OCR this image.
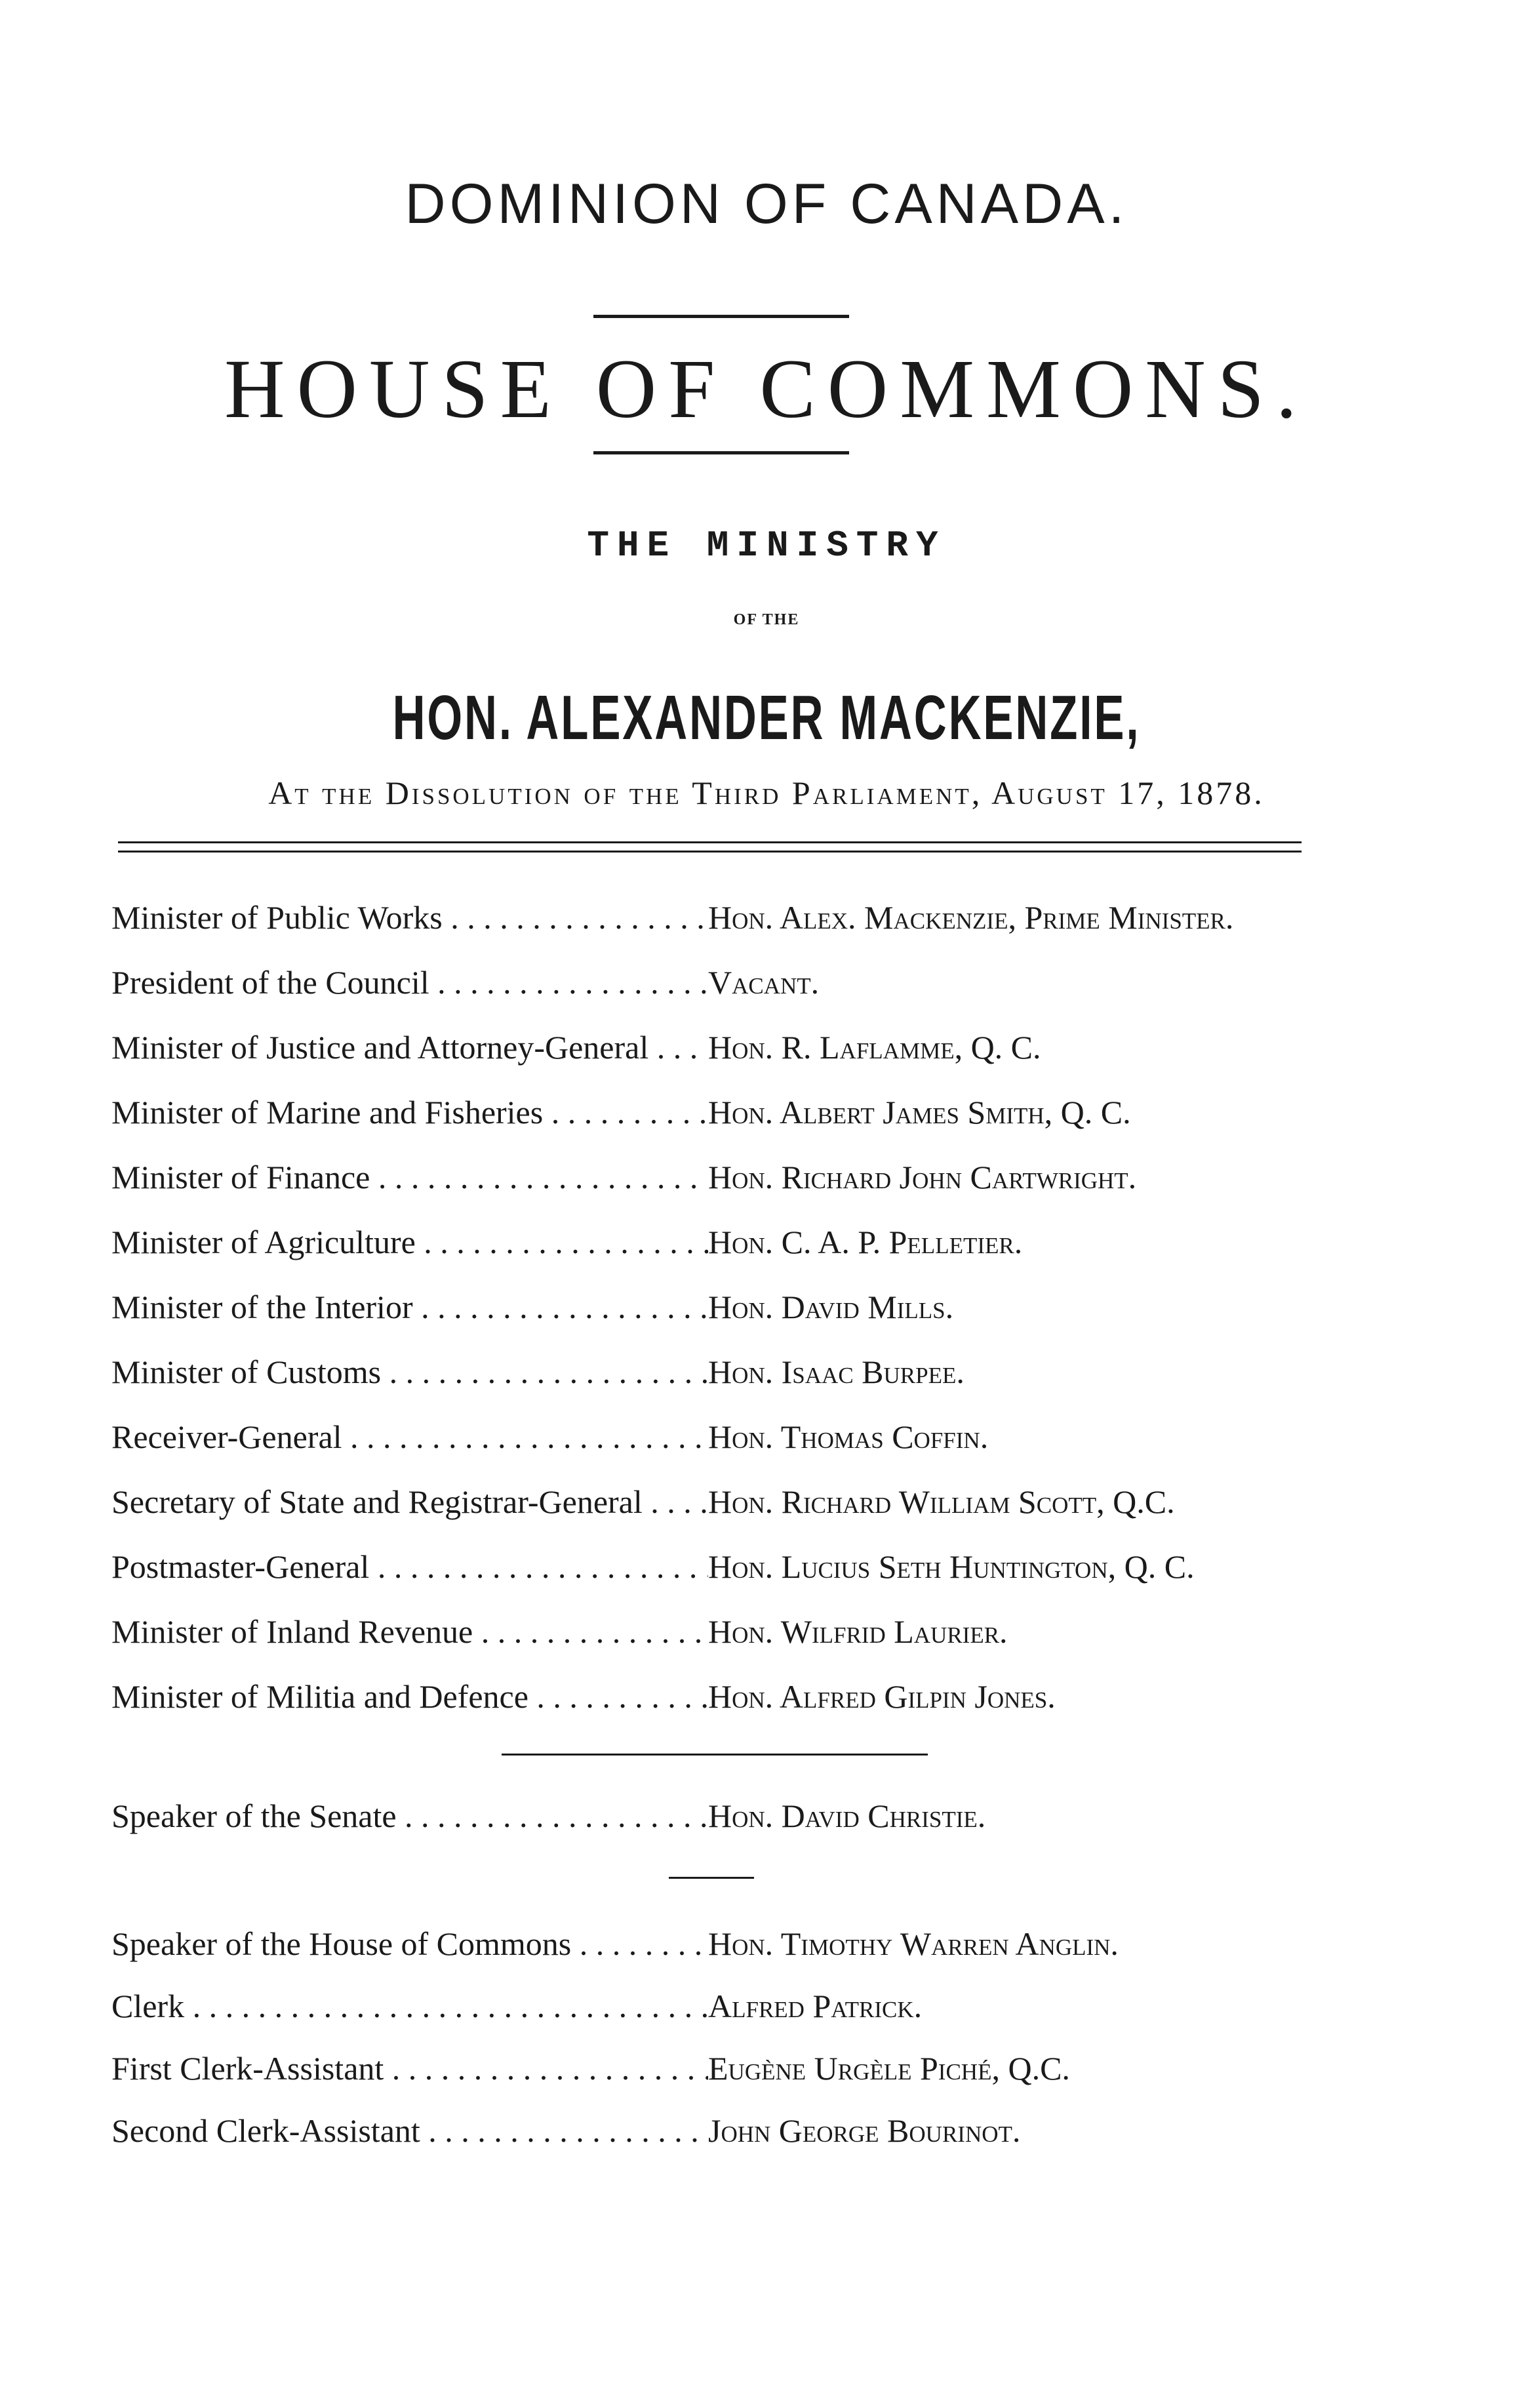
DOMINION OF CANADA.
HOUSE OF COMMONS.
THE MINISTRY
OF THE
HON. ALEXANDER MACKENZIE,
At the Dissolution of the Third Parliament, August 17, 1878.
Minister of Public Works . . .	Hon. Alex. Mackenzie, Prime Minister.
President of the Council . . .	Vacant.
Minister of Justice and Attorney-General . . .	Hon. R. Laflamme, Q. C.
Minister of Marine and Fisheries . . .	Hon. Albert James Smith, Q. C.
Minister of Finance . . .	Hon. Richard John Cartwright.
Minister of Agriculture . . .	Hon. C. A. P. Pelletier.
Minister of the Interior . . .	Hon. David Mills.
Minister of Customs . . .	Hon. Isaac Burpee.
Receiver-General . . .	Hon. Thomas Coffin.
Secretary of State and Registrar-General . . .	Hon. Richard William Scott, Q.C.
Postmaster-General . . .	Hon. Lucius Seth Huntington, Q. C.
Minister of Inland Revenue . . .	Hon. Wilfrid Laurier.
Minister of Militia and Defence . . .	Hon. Alfred Gilpin Jones.
Speaker of the Senate . . .	Hon. David Christie.
Speaker of the House of Commons . . .	Hon. Timothy Warren Anglin.
Clerk . . .	Alfred Patrick.
First Clerk-Assistant . . .	Eugène Urgèle Piché, Q.C.
Second Clerk-Assistant . . .	John George Bourinot.
